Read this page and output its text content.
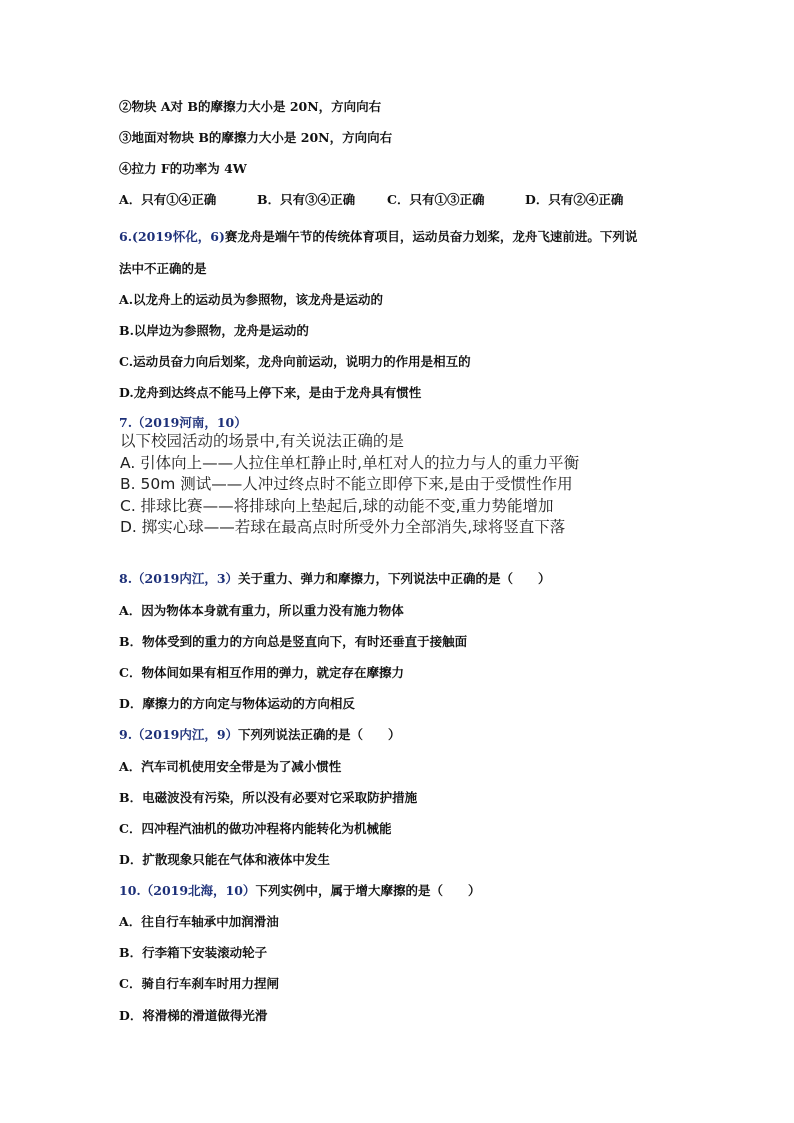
②物块 A对 B的摩擦力大小是 20N，方向向右
③地面对物块 B的摩擦力大小是 20N，方向向右
④拉力 F的功率为 4W
A．只有①④正确	B．只有③④正确	C．只有①③正确	D．只有②④正确
6.(2019怀化，6)赛龙舟是端午节的传统体育项目，运动员奋力划桨，龙舟飞速前进。下列说
法中不正确的是
A.以龙舟上的运动员为参照物，该龙舟是运动的
B.以岸边为参照物，龙舟是运动的
C.运动员奋力向后划桨，龙舟向前运动，说明力的作用是相互的
D.龙舟到达终点不能马上停下来，是由于龙舟具有惯性
7.（2019河南，10）
以下校园活动的场景中,有关说法正确的是
A. 引体向上——人拉住单杠静止时,单杠对人的拉力与人的重力平衡
B. 50m 测试——人冲过终点时不能立即停下来,是由于受惯性作用
C. 排球比赛——将排球向上垫起后,球的动能不变,重力势能增加
D. 掷实心球——若球在最高点时所受外力全部消失,球将竖直下落
8.（2019内江，3）关于重力、弹力和摩擦力，下列说法中正确的是（　　）
A．因为物体本身就有重力，所以重力没有施力物体
B．物体受到的重力的方向总是竖直向下，有时还垂直于接触面
C．物体间如果有相互作用的弹力，就定存在摩擦力
D．摩擦力的方向定与物体运动的方向相反
9.（2019内江，9）下列列说法正确的是（　　）
A．汽车司机使用安全带是为了减小惯性
B．电磁波没有污染，所以没有必要对它采取防护措施
C．四冲程汽油机的做功冲程将内能转化为机械能
D．扩散现象只能在气体和液体中发生
10.（2019北海，10）下列实例中，属于增大摩擦的是（　　）
A．往自行车轴承中加润滑油
B．行李箱下安装滚动轮子
C．骑自行车刹车时用力捏闸
D．将滑梯的滑道做得光滑
